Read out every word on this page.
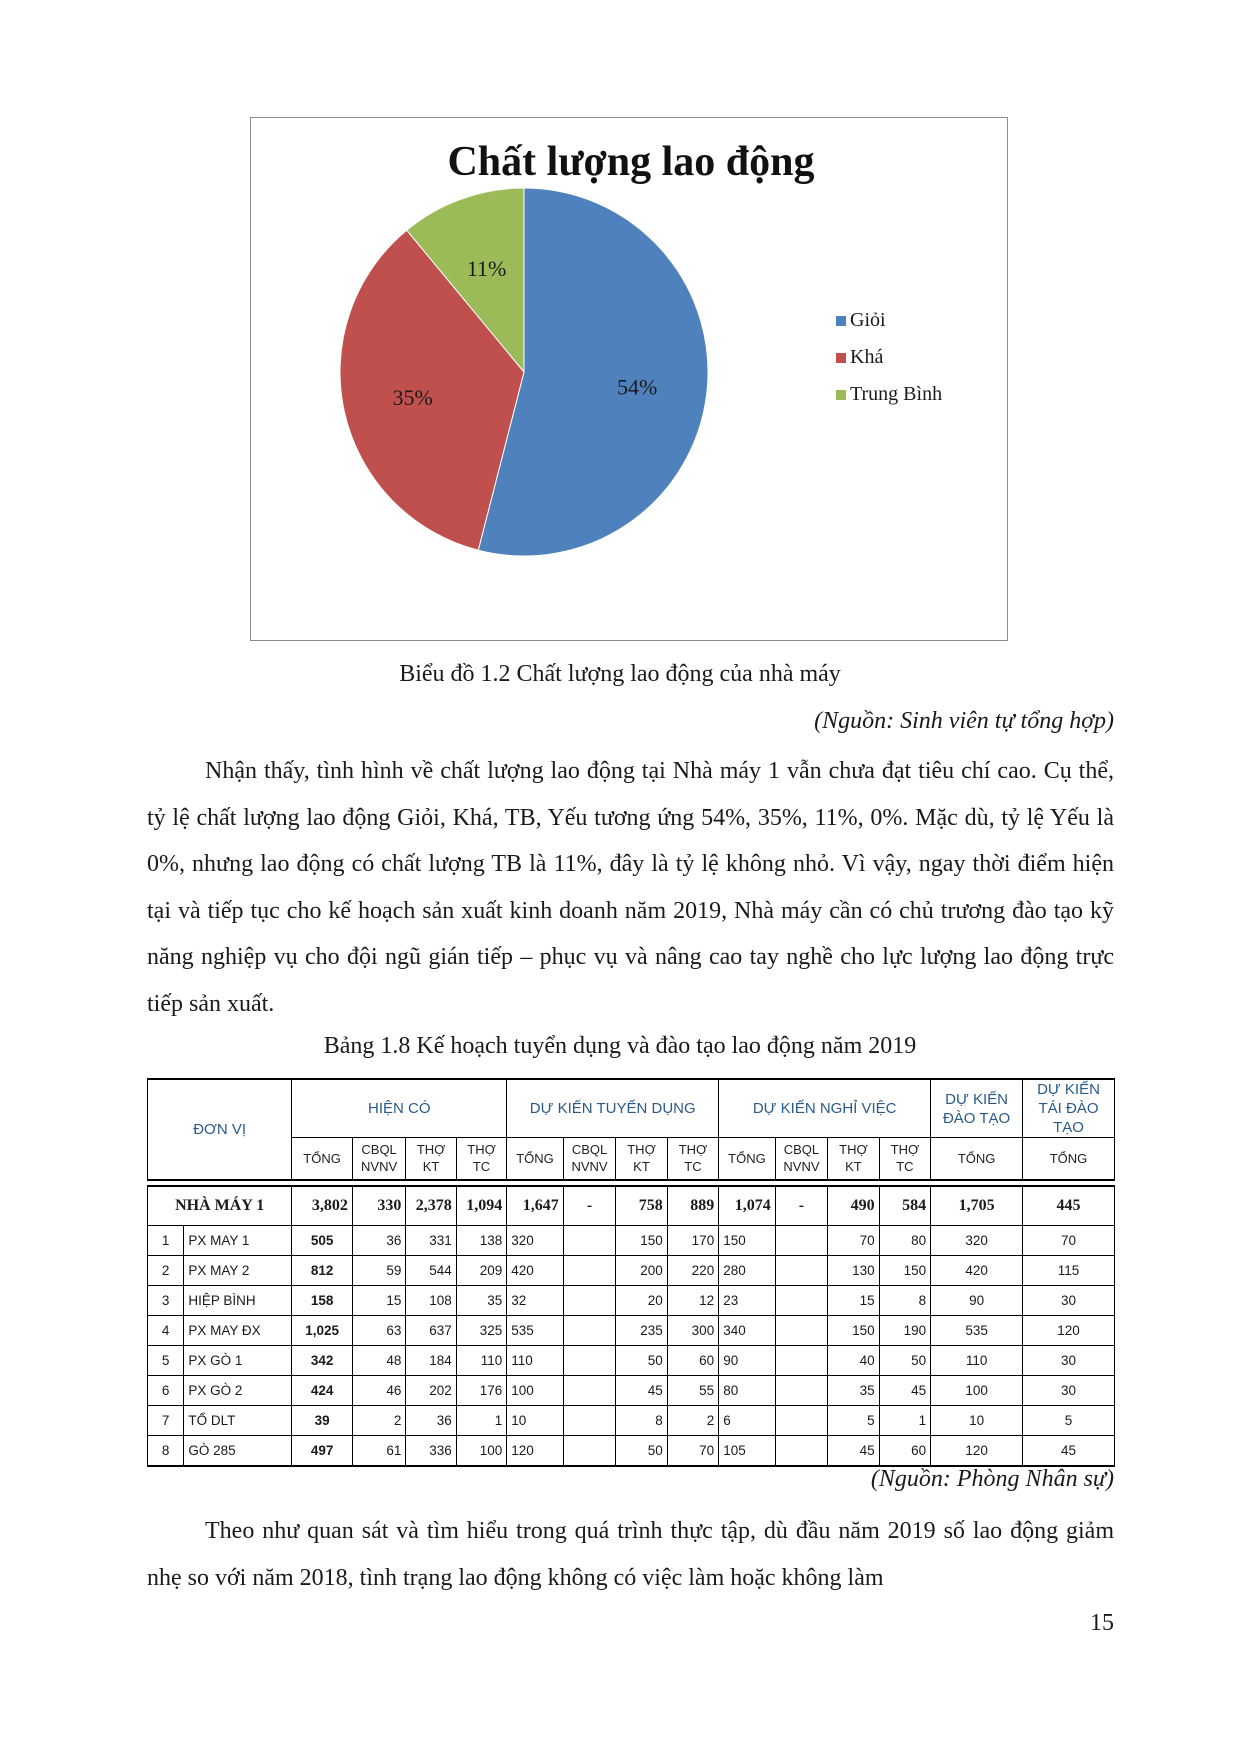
Chất lượng lao động
54%
35%
11%
Giỏi
Khá
Trung Bình
Biểu đồ 1.2 Chất lượng lao động của nhà máy
(Nguồn: Sinh viên tự tổng hợp)

Nhận thấy, tình hình về chất lượng lao động tại Nhà máy 1 vẫn chưa đạt tiêu chí cao. Cụ thể, tỷ lệ chất lượng lao động Giỏi, Khá, TB, Yếu tương ứng 54%, 35%, 11%, 0%. Mặc dù, tỷ lệ Yếu là 0%, nhưng lao động có chất lượng TB là 11%, đây là tỷ lệ không nhỏ. Vì vậy, ngay thời điểm hiện tại và tiếp tục cho kế hoạch sản xuất kinh doanh năm 2019, Nhà máy cần có chủ trương đào tạo kỹ năng nghiệp vụ cho đội ngũ gián tiếp – phục vụ và nâng cao tay nghề cho lực lượng lao động trực tiếp sản xuất.

Bảng 1.8 Kế hoạch tuyển dụng và đào tạo lao động năm 2019
ĐƠN VỊ		HIỆN CÓ				DỰ KIẾN TUYỂN DỤNG				DỰ KIẾN NGHỈ VIỆC				DỰ KIẾN ĐÀO TẠO	DỰ KIẾN TÁI ĐÀO TẠO
		TỔNG	CBQL NVNV	THỢ KT	THỢ TC	TỔNG	CBQL NVNV	THỢ KT	THỢ TC	TỔNG	CBQL NVNV	THỢ KT	THỢ TC	TỔNG	TỔNG

NHÀ MÁY 1		3,802	330	2,378	1,094	1,647	-	758	889	1,074	-	490	584	1,705	445
1	PX MAY 1	505	36	331	138	320		150	170	150		70	80	320	70
2	PX MAY 2	812	59	544	209	420		200	220	280		130	150	420	115
3	HIỆP BÌNH	158	15	108	35	32		20	12	23		15	8	90	30
4	PX MAY ĐX	1,025	63	637	325	535		235	300	340		150	190	535	120
5	PX GÒ 1	342	48	184	110	110		50	60	90		40	50	110	30
6	PX GÒ 2	424	46	202	176	100		45	55	80		35	45	100	30
7	TỔ DLT	39	2	36	1	10		8	2	6		5	1	10	5
8	GÒ 285	497	61	336	100	120		50	70	105		45	60	120	45
(Nguồn: Phòng Nhân sự)

Theo như quan sát và tìm hiểu trong quá trình thực tập, dù đầu năm 2019 số lao động giảm nhẹ so với năm 2018, tình trạng lao động không có việc làm hoặc không làm

15
